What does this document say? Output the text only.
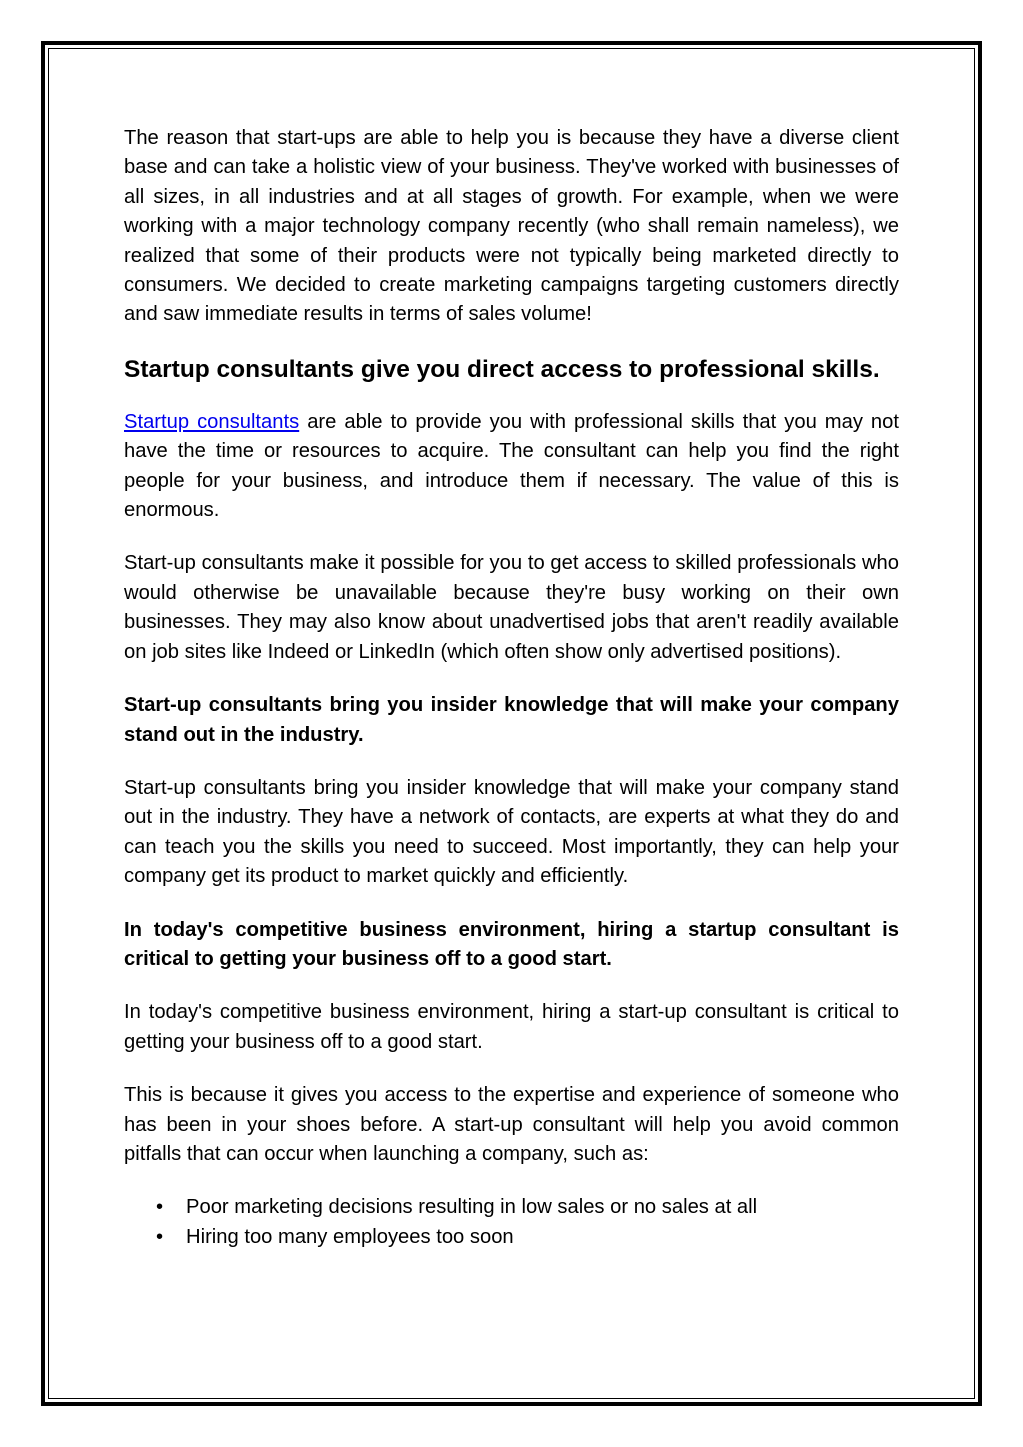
The reason that start-ups are able to help you is because they have a diverse client base and can take a holistic view of your business. They've worked with businesses of all sizes, in all industries and at all stages of growth. For example, when we were working with a major technology company recently (who shall remain nameless), we realized that some of their products were not typically being marketed directly to consumers. We decided to create marketing campaigns targeting customers directly and saw immediate results in terms of sales volume!

Startup consultants give you direct access to professional skills.

Startup consultants are able to provide you with professional skills that you may not have the time or resources to acquire. The consultant can help you find the right people for your business, and introduce them if necessary. The value of this is enormous.

Start-up consultants make it possible for you to get access to skilled professionals who would otherwise be unavailable because they're busy working on their own businesses. They may also know about unadvertised jobs that aren't readily available on job sites like Indeed or LinkedIn (which often show only advertised positions).

Start-up consultants bring you insider knowledge that will make your company stand out in the industry.

Start-up consultants bring you insider knowledge that will make your company stand out in the industry. They have a network of contacts, are experts at what they do and can teach you the skills you need to succeed. Most importantly, they can help your company get its product to market quickly and efficiently.

In today's competitive business environment, hiring a startup consultant is critical to getting your business off to a good start.

In today's competitive business environment, hiring a start-up consultant is critical to getting your business off to a good start.

This is because it gives you access to the expertise and experience of someone who has been in your shoes before. A start-up consultant will help you avoid common pitfalls that can occur when launching a company, such as:

• Poor marketing decisions resulting in low sales or no sales at all
• Hiring too many employees too soon
